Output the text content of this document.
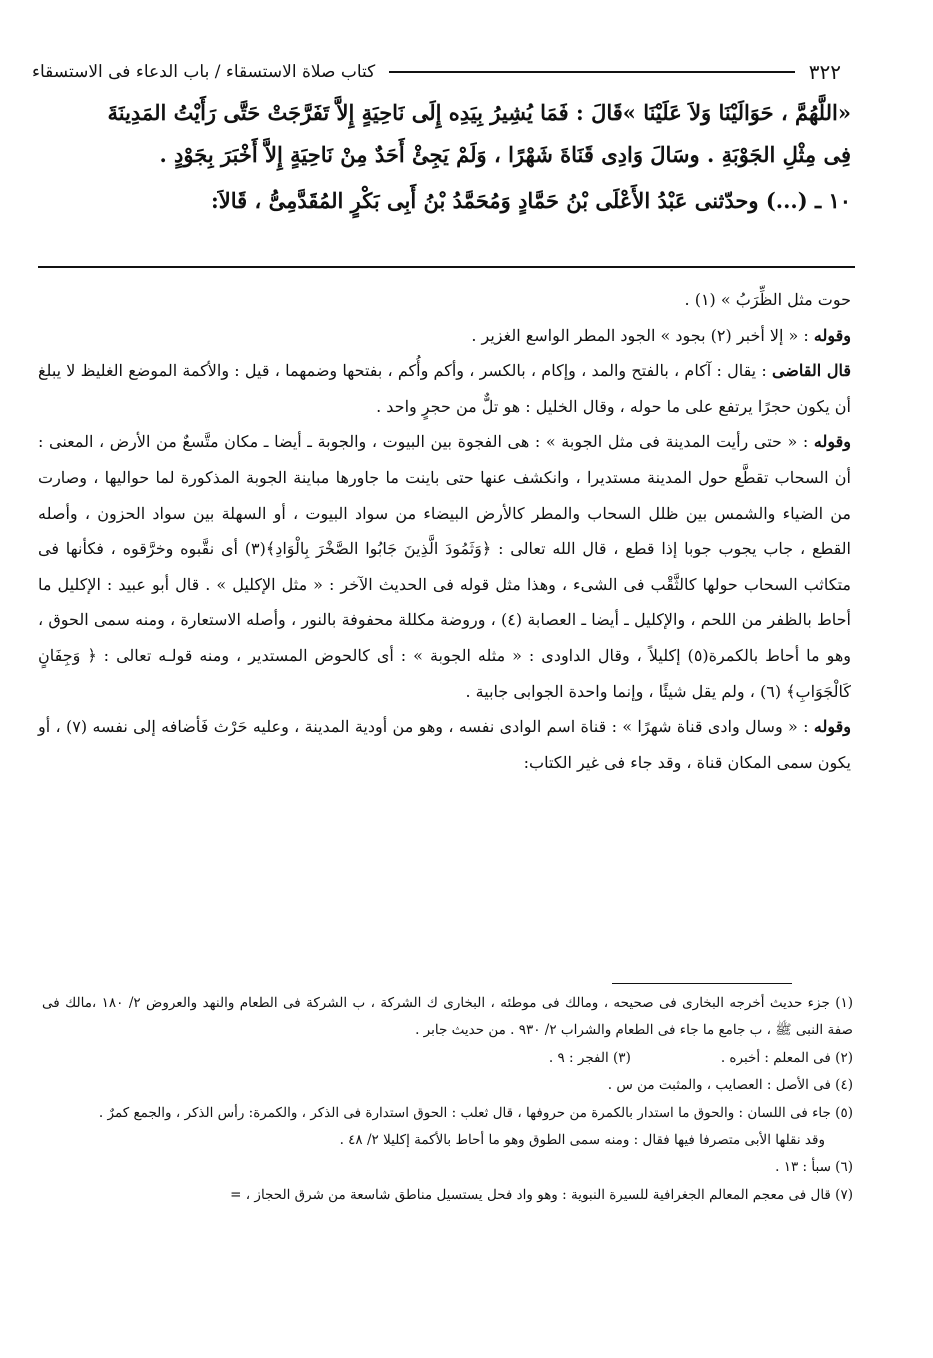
٣٢٢
كتاب صلاة الاستسقاء / باب الدعاء فى الاستسقاء

«اللَّهُمَّ ، حَوَالَيْنَا وَلاَ عَلَيْنَا »قَالَ : فَمَا يُشِيرُ بِيَدِه إِلَى نَاحِيَةٍ إِلاَّ تَفَرَّجَتْ حَتَّى رَأَيْتُ المَدِينَةَ

فِى مِثْلِ الجَوْبَةِ . وسَالَ وَادِى قَنَاةَ شَهْرًا ، وَلَمْ يَجِئْ أَحَدٌ مِنْ نَاحِيَةٍ إِلاَّ أَخْبَرَ بِجَوْدٍ .

١٠ ـ (...) وحدّثنى عَبْدُ الأَعْلَى بْنُ حَمَّادٍ وَمُحَمَّدُ بْنُ أَبِى بَكْرٍ المُقَدَّمِىُّ ، قَالاَ:

حوت مثل الظِّرَبُ » (١) .

وقوله : « إلا أخبر (٢) بجود » الجود المطر الواسع الغزير .

قال القاضى : يقال : آكام ، بالفتح والمد ، وإكام ، بالكسر ، وأكم وأُكم ، بفتحها وضمهما ، قيل : والأكمة الموضع الغليظ لا يبلغ أن يكون حجرًا يرتفع على ما حوله ، وقال الخليل : هو تلٌّ من حجرٍ واحد .

وقوله : « حتى رأيت المدينة فى مثل الجوبة » : هى الفجوة بين البيوت ، والجوبة ـ أيضا ـ مكان متَّسعٌ من الأرض ، المعنى : أن السحاب تقطَّع حول المدينة مستديرا ، وانكشف عنها حتى باينت ما جاورها مباينة الجوبة المذكورة لما حواليها ، وصارت من الضياء والشمس بين ظلل السحاب والمطر كالأرض البيضاء من سواد البيوت ، أو السهلة بين سواد الحزون ، وأصله القطع ، جاب يجوب جوبا إذا قطع ، قال الله تعالى : ﴿وَثَمُودَ الَّذِينَ جَابُوا الصَّخْرَ بِالْوَادِ﴾(٣) أى نقَّبوه وخرَّقوه ، فكأنها فى متكاثب السحاب حولها كالثَّقْب فى الشىء ، وهذا مثل قوله فى الحديث الآخر : « مثل الإكليل » . قال أبو عبيد : الإكليل ما أحاط بالظفر من اللحم ، والإكليل ـ أيضا ـ العصابة (٤) ، وروضة مكللة محفوفة بالنور ، وأصله الاستعارة ، ومنه سمى الحوق ، وهو ما أحاط بالكمرة(٥) إكليلاً ، وقال الداودى : « مثله الجوبة » : أى كالحوض المستدير ، ومنه قولـه تعالى : ﴿ وَجِفَانٍ كَالْجَوَابِ﴾ (٦) ، ولم يقل شيئًا ، وإنما واحدة الجوابى جابية .

وقوله : « وسال وادى قناة شهرًا » : قناة اسم الوادى نفسه ، وهو من أودية المدينة ، وعليه حَرْث فَأضافه إلى نفسه (٧) ، أو يكون سمى المكان قناة ، وقد جاء فى غير الكتاب:

(١) جزء حديث أخرجه البخارى فى صحيحه ، ومالك فى موطئه ، البخارى ك الشركة ، ب الشركة فى الطعام والنهد والعروض ٢/ ١٨٠ ،مالك فى صفة النبى ﷺ ، ب جامع ما جاء فى الطعام والشراب ٢/ ٩٣٠ . من حديث جابر .

(٢) فى المعلم : أخبره .
(٣) الفجر : ٩ .

(٤) فى الأصل : العصايب ، والمثبت من س .

(٥) جاء فى اللسان : والحوق ما استدار بالكمرة من حروفها ، قال ثعلب : الحوق استدارة فى الذكر ، والكمرة: رأس الذكر ، والجمع كمرٌ .

وقد نقلها الأبى متصرفا فيها فقال : ومنه سمى الطوق وهو ما أحاط بالأكمة إكليلا ٢/ ٤٨ .

(٦) سبأ : ١٣ .

(٧) قال فى معجم المعالم الجغرافية للسيرة النبوية : وهو واد فحل يستسيل مناطق شاسعة من شرق الحجاز ، =
